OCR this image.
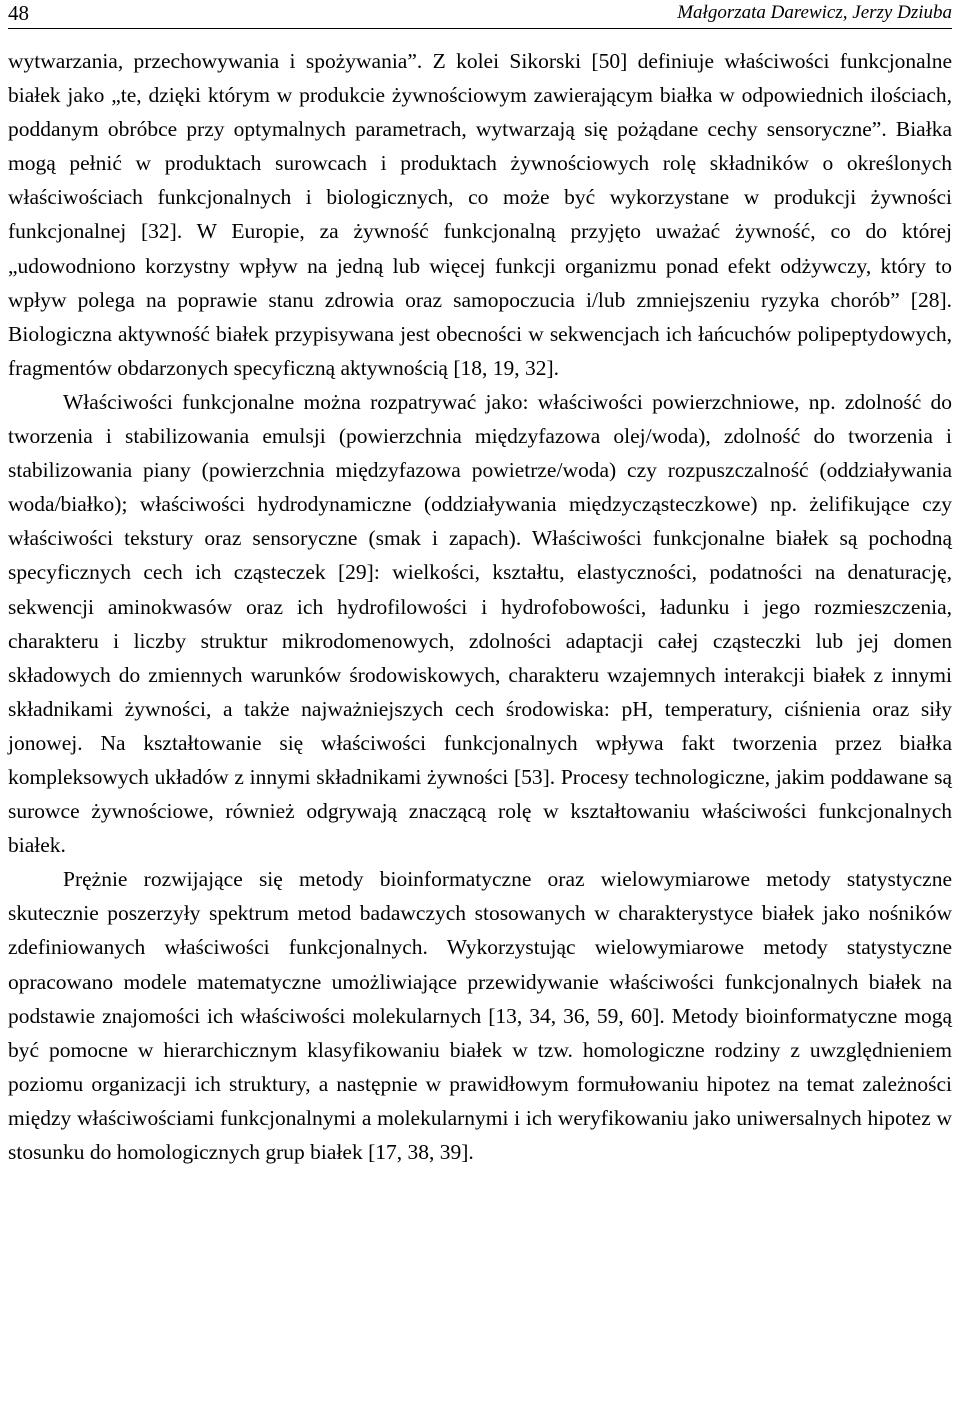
48	Małgorzata Darewicz, Jerzy Dziuba

wytwarzania, przechowywania i spożywania”. Z kolei Sikorski [50] definiuje właściwości funkcjonalne białek jako „te, dzięki którym w produkcie żywnościowym zawierającym białka w odpowiednich ilościach, poddanym obróbce przy optymalnych parametrach, wytwarzają się pożądane cechy sensoryczne”. Białka mogą pełnić w produktach surowcach i produktach żywnościowych rolę składników o określonych właściwościach funkcjonalnych i biologicznych, co może być wykorzystane w produkcji żywności funkcjonalnej [32]. W Europie, za żywność funkcjonalną przyjęto uważać żywność, co do której „udowodniono korzystny wpływ na jedną lub więcej funkcji organizmu ponad efekt odżywczy, który to wpływ polega na poprawie stanu zdrowia oraz samopoczucia i/lub zmniejszeniu ryzyka chorób” [28]. Biologiczna aktywność białek przypisywana jest obecności w sekwencjach ich łańcuchów polipeptydowych, fragmentów obdarzonych specyficzną aktywnością [18, 19, 32].

Właściwości funkcjonalne można rozpatrywać jako: właściwości powierzchniowe, np. zdolność do tworzenia i stabilizowania emulsji (powierzchnia międzyfazowa olej/woda), zdolność do tworzenia i stabilizowania piany (powierzchnia międzyfazowa powietrze/woda) czy rozpuszczalność (oddziaływania woda/białko); właściwości hydrodynamiczne (oddziaływania międzycząsteczkowe) np. żelifikujące czy właściwości tekstury oraz sensoryczne (smak i zapach). Właściwości funkcjonalne białek są pochodną specyficznych cech ich cząsteczek [29]: wielkości, kształtu, elastyczności, podatności na denaturację, sekwencji aminokwasów oraz ich hydrofilowości i hydrofobowości, ładunku i jego rozmieszczenia, charakteru i liczby struktur mikrodomenowych, zdolności adaptacji całej cząsteczki lub jej domen składowych do zmiennych warunków środowiskowych, charakteru wzajemnych interakcji białek z innymi składnikami żywności, a także najważniejszych cech środowiska: pH, temperatury, ciśnienia oraz siły jonowej. Na kształtowanie się właściwości funkcjonalnych wpływa fakt tworzenia przez białka kompleksowych układów z innymi składnikami żywności [53]. Procesy technologiczne, jakim poddawane są surowce żywnościowe, również odgrywają znaczącą rolę w kształtowaniu właściwości funkcjonalnych białek.

Prężnie rozwijające się metody bioinformatyczne oraz wielowymiarowe metody statystyczne skutecznie poszerzyły spektrum metod badawczych stosowanych w charakterystyce białek jako nośników zdefiniowanych właściwości funkcjonalnych. Wykorzystując wielowymiarowe metody statystyczne opracowano modele matematyczne umożliwiające przewidywanie właściwości funkcjonalnych białek na podstawie znajomości ich właściwości molekularnych [13, 34, 36, 59, 60]. Metody bioinformatyczne mogą być pomocne w hierarchicznym klasyfikowaniu białek w tzw. homologiczne rodziny z uwzględnieniem poziomu organizacji ich struktury, a następnie w prawidłowym formułowaniu hipotez na temat zależności między właściwościami funkcjonalnymi a molekularnymi i ich weryfikowaniu jako uniwersalnych hipotez w stosunku do homologicznych grup białek [17, 38, 39].
